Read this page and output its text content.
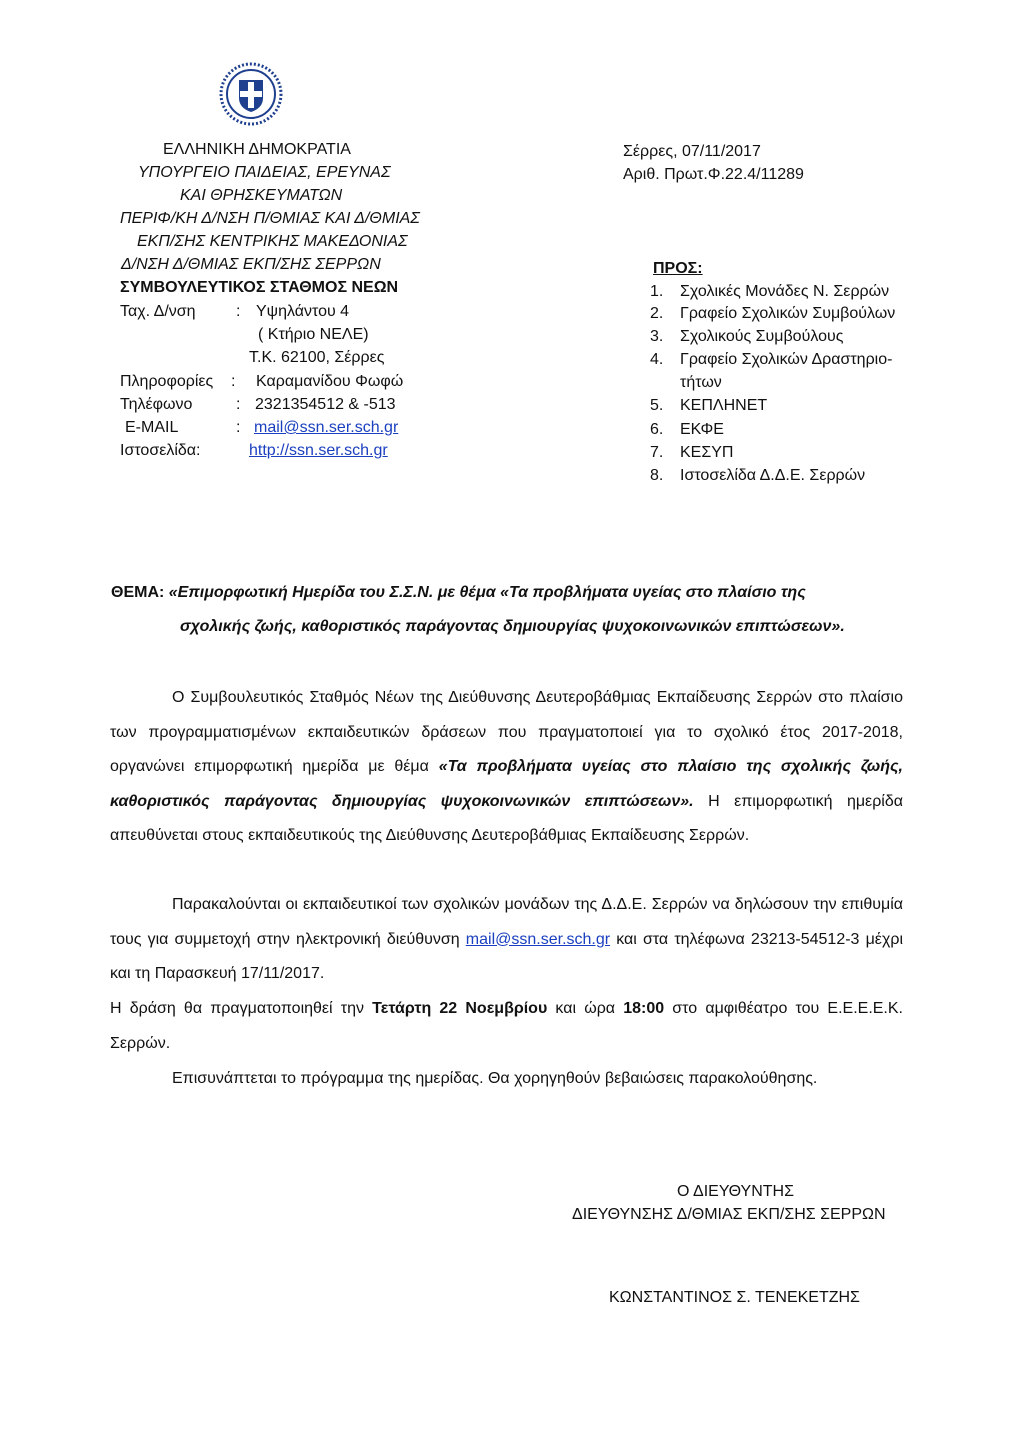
ΕΛΛΗΝΙΚΗ ΔΗΜΟΚΡΑΤΙΑ
ΥΠΟΥΡΓΕΙΟ ΠΑΙΔΕΙΑΣ, ΕΡΕΥΝΑΣ
ΚΑΙ ΘΡΗΣΚΕΥΜΑΤΩΝ
ΠΕΡΙΦ/ΚΗ Δ/ΝΣΗ Π/ΘΜΙΑΣ ΚΑΙ Δ/ΘΜΙΑΣ
ΕΚΠ/ΣΗΣ ΚΕΝΤΡΙΚΗΣ ΜΑΚΕΔΟΝΙΑΣ
Δ/ΝΣΗ Δ/ΘΜΙΑΣ ΕΚΠ/ΣΗΣ ΣΕΡΡΩΝ
ΣΥΜΒΟΥΛΕΥΤΙΚΟΣ ΣΤΑΘΜΟΣ ΝΕΩΝ
Ταχ. Δ/νση	: Υψηλάντου 4
( Κτήριο ΝΕΛΕ)
Τ.Κ. 62100, Σέρρες
Πληροφορίες : Καραμανίδου Φωφώ
Τηλέφωνο	: 2321354512 & -513
E-MAIL	: mail@ssn.ser.sch.gr
Ιστοσελίδα:	http://ssn.ser.sch.gr
Σέρρες, 07/11/2017
Αριθ. Πρωτ.Φ.22.4/11289
ΠΡΟΣ:
1. Σχολικές Μονάδες Ν. Σερρών
2. Γραφείο Σχολικών Συμβούλων
3. Σχολικούς Συμβούλους
4. Γραφείο Σχολικών Δραστηριο-
τήτων
5. ΚΕΠΛΗΝΕΤ
6. ΕΚΦΕ
7. ΚΕΣΥΠ
8. Ιστοσελίδα Δ.Δ.Ε. Σερρών
ΘΕΜΑ: «Επιμορφωτική Ημερίδα του Σ.Σ.Ν. με θέμα «Τα προβλήματα υγείας στο πλαίσιο της
σχολικής ζωής, καθοριστικός παράγοντας δημιουργίας ψυχοκοινωνικών επιπτώσεων».

Ο Συμβουλευτικός Σταθμός Νέων της Διεύθυνσης Δευτεροβάθμιας Εκπαίδευσης Σερρών στο πλαίσιο των προγραμματισμένων εκπαιδευτικών δράσεων που πραγματοποιεί για το σχολικό έτος 2017-2018, οργανώνει επιμορφωτική ημερίδα με θέμα «Τα προβλήματα υγείας στο πλαίσιο της σχολικής ζωής, καθοριστικός παράγοντας δημιουργίας ψυχοκοινωνικών επιπτώσεων». Η επιμορφωτική ημερίδα απευθύνεται στους εκπαιδευτικούς της Διεύθυνσης Δευτεροβάθμιας Εκπαίδευσης Σερρών.

Παρακαλούνται οι εκπαιδευτικοί των σχολικών μονάδων της Δ.Δ.Ε. Σερρών να δηλώσουν την επιθυμία τους για συμμετοχή στην ηλεκτρονική διεύθυνση mail@ssn.ser.sch.gr και στα τηλέφωνα 23213-54512-3 μέχρι και τη Παρασκευή 17/11/2017.

Η δράση θα πραγματοποιηθεί την Τετάρτη 22 Νοεμβρίου και ώρα 18:00 στο αμφιθέατρο του Ε.Ε.Ε.Ε.Κ. Σερρών.

Επισυνάπτεται το πρόγραμμα της ημερίδας. Θα χορηγηθούν βεβαιώσεις παρακολούθησης.
Ο ΔΙΕΥΘΥΝΤΗΣ
ΔΙΕΥΘΥΝΣΗΣ Δ/ΘΜΙΑΣ ΕΚΠ/ΣΗΣ ΣΕΡΡΩΝ
ΚΩΝΣΤΑΝΤΙΝΟΣ Σ. ΤΕΝΕΚΕΤΖΗΣ
